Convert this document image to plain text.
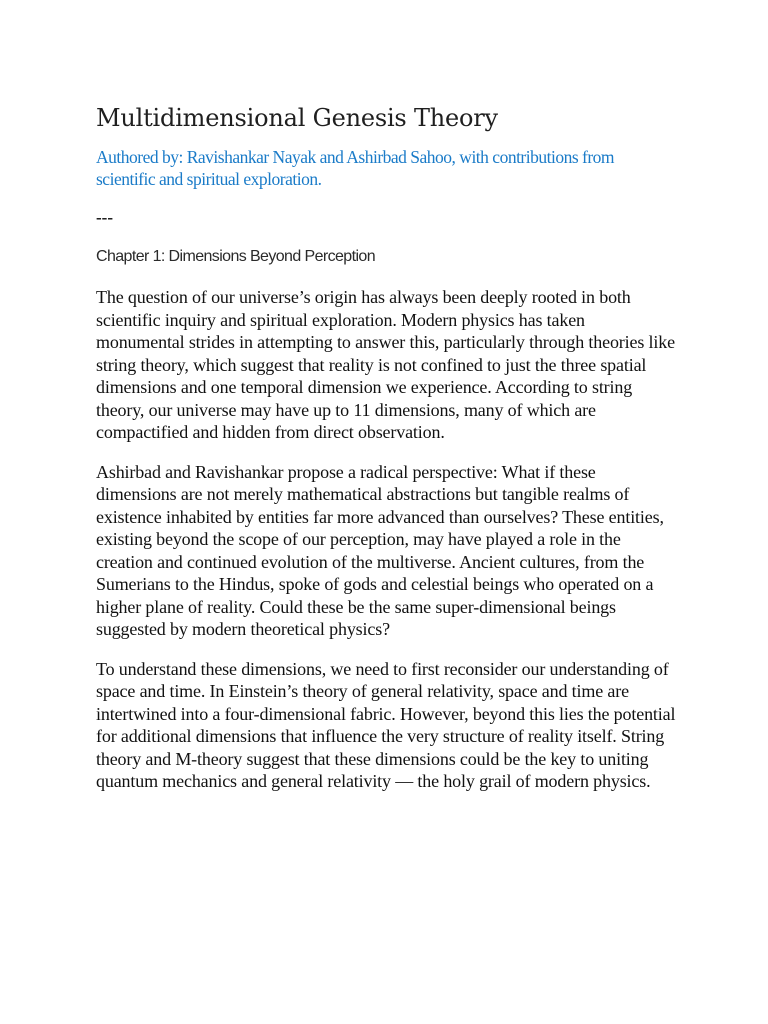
Multidimensional Genesis Theory

Authored by: Ravishankar Nayak and Ashirbad Sahoo, with contributions from scientific and spiritual exploration.

---

Chapter 1: Dimensions Beyond Perception

The question of our universe’s origin has always been deeply rooted in both scientific inquiry and spiritual exploration. Modern physics has taken monumental strides in attempting to answer this, particularly through theories like string theory, which suggest that reality is not confined to just the three spatial dimensions and one temporal dimension we experience. According to string theory, our universe may have up to 11 dimensions, many of which are compactified and hidden from direct observation.

Ashirbad and Ravishankar propose a radical perspective: What if these dimensions are not merely mathematical abstractions but tangible realms of existence inhabited by entities far more advanced than ourselves? These entities, existing beyond the scope of our perception, may have played a role in the creation and continued evolution of the multiverse. Ancient cultures, from the Sumerians to the Hindus, spoke of gods and celestial beings who operated on a higher plane of reality. Could these be the same super-dimensional beings suggested by modern theoretical physics?

To understand these dimensions, we need to first reconsider our understanding of space and time. In Einstein’s theory of general relativity, space and time are intertwined into a four-dimensional fabric. However, beyond this lies the potential for additional dimensions that influence the very structure of reality itself. String theory and M-theory suggest that these dimensions could be the key to uniting quantum mechanics and general relativity — the holy grail of modern physics.
